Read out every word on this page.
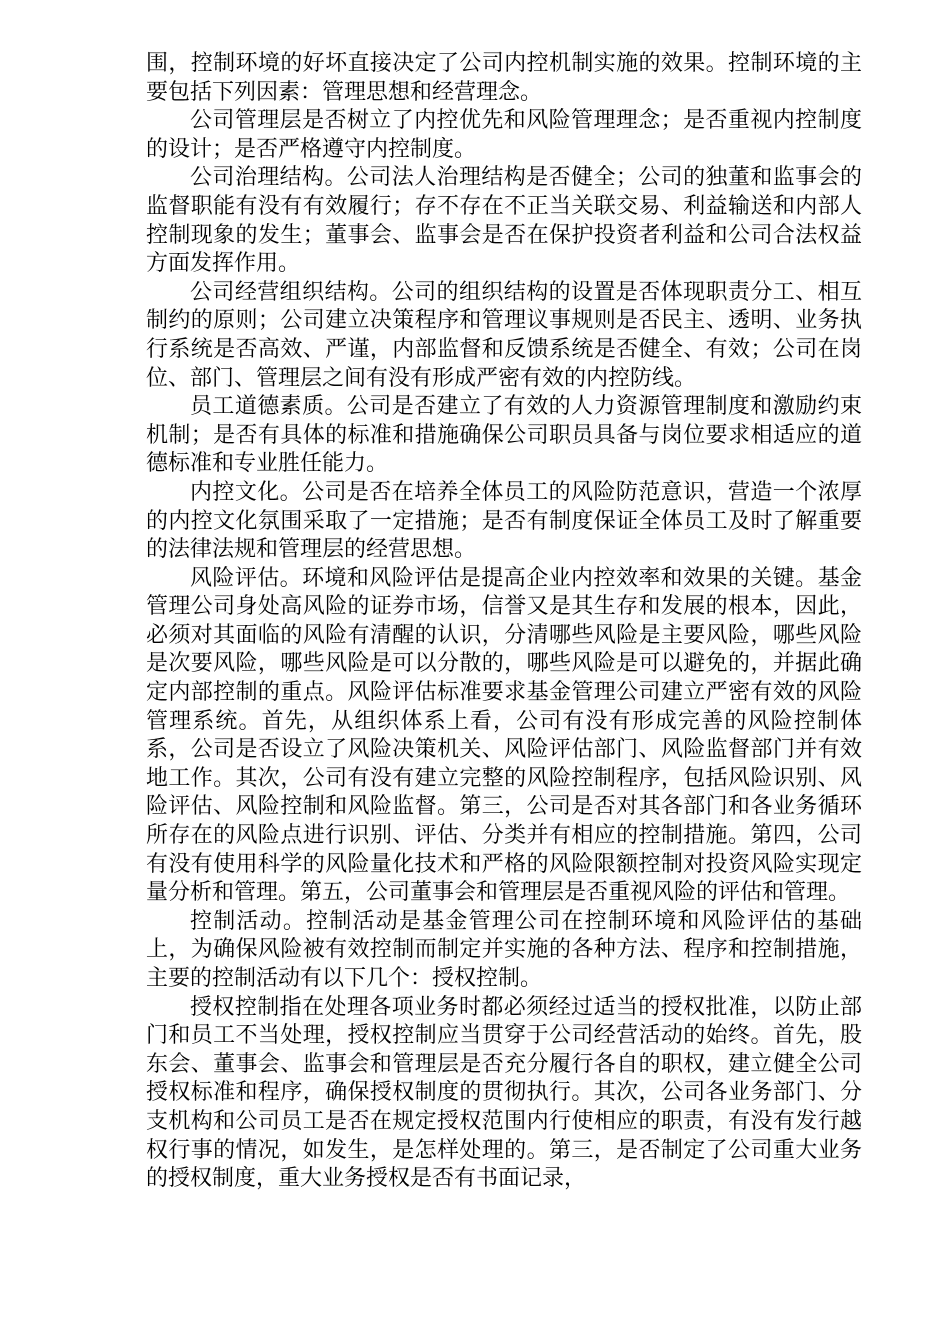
围，控制环境的好坏直接决定了公司内控机制实施的效果。控制环境的主要包括下列因素：管理思想和经营理念。

公司管理层是否树立了内控优先和风险管理理念；是否重视内控制度的设计；是否严格遵守内控制度。

公司治理结构。公司法人治理结构是否健全；公司的独董和监事会的监督职能有没有有效履行；存不存在不正当关联交易、利益输送和内部人控制现象的发生；董事会、监事会是否在保护投资者利益和公司合法权益方面发挥作用。

公司经营组织结构。公司的组织结构的设置是否体现职责分工、相互制约的原则；公司建立决策程序和管理议事规则是否民主、透明、业务执行系统是否高效、严谨，内部监督和反馈系统是否健全、有效；公司在岗位、部门、管理层之间有没有形成严密有效的内控防线。

员工道德素质。公司是否建立了有效的人力资源管理制度和激励约束机制；是否有具体的标准和措施确保公司职员具备与岗位要求相适应的道德标准和专业胜任能力。

内控文化。公司是否在培养全体员工的风险防范意识，营造一个浓厚的内控文化氛围采取了一定措施；是否有制度保证全体员工及时了解重要的法律法规和管理层的经营思想。

风险评估。环境和风险评估是提高企业内控效率和效果的关键。基金管理公司身处高风险的证券市场，信誉又是其生存和发展的根本，因此，必须对其面临的风险有清醒的认识，分清哪些风险是主要风险，哪些风险是次要风险，哪些风险是可以分散的，哪些风险是可以避免的，并据此确定内部控制的重点。风险评估标准要求基金管理公司建立严密有效的风险管理系统。首先，从组织体系上看，公司有没有形成完善的风险控制体系，公司是否设立了风险决策机关、风险评估部门、风险监督部门并有效地工作。其次，公司有没有建立完整的风险控制程序，包括风险识别、风险评估、风险控制和风险监督。第三，公司是否对其各部门和各业务循环所存在的风险点进行识别、评估、分类并有相应的控制措施。第四，公司有没有使用科学的风险量化技术和严格的风险限额控制对投资风险实现定量分析和管理。第五，公司董事会和管理层是否重视风险的评估和管理。

控制活动。控制活动是基金管理公司在控制环境和风险评估的基础上，为确保风险被有效控制而制定并实施的各种方法、程序和控制措施，主要的控制活动有以下几个：授权控制。

授权控制指在处理各项业务时都必须经过适当的授权批准，以防止部门和员工不当处理，授权控制应当贯穿于公司经营活动的始终。首先，股东会、董事会、监事会和管理层是否充分履行各自的职权，建立健全公司授权标准和程序，确保授权制度的贯彻执行。其次，公司各业务部门、分支机构和公司员工是否在规定授权范围内行使相应的职责，有没有发行越权行事的情况，如发生，是怎样处理的。第三，是否制定了公司重大业务的授权制度，重大业务授权是否有书面记录，
